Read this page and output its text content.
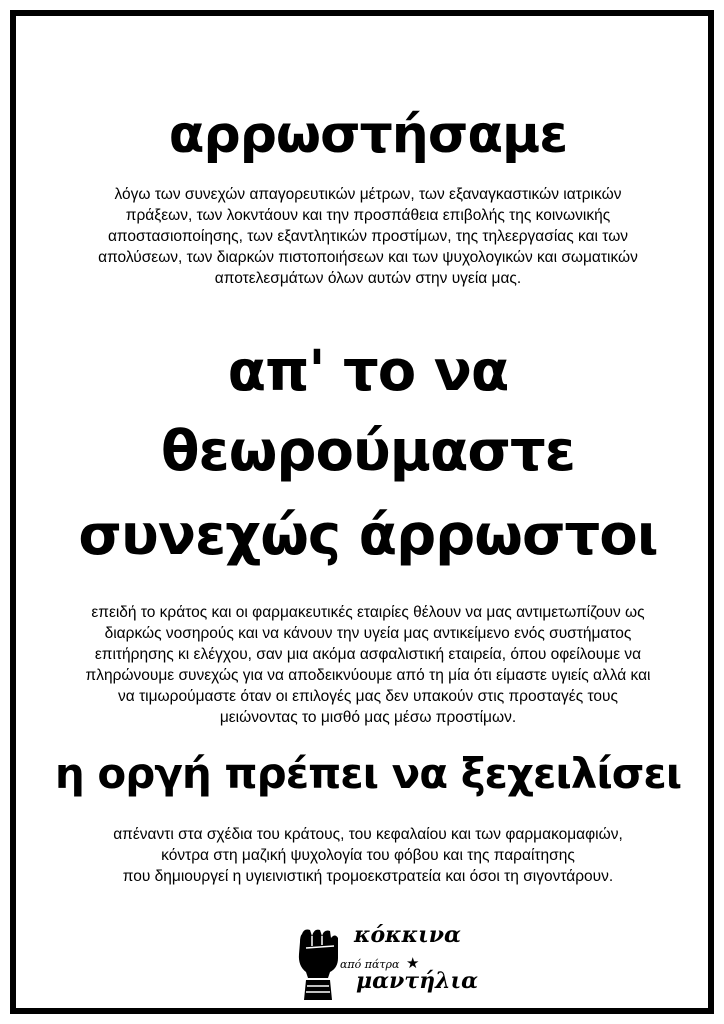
αρρωστήσαμε
λόγω των συνεχών απαγορευτικών μέτρων, των εξαναγκαστικών ιατρικών
πράξεων, των λοκντάουν και την προσπάθεια επιβολής της κοινωνικής
αποστασιοποίησης, των εξαντλητικών προστίμων, της τηλεεργασίας και των
απολύσεων, των διαρκών πιστοποιήσεων και των ψυχολογικών και σωματικών
αποτελεσμάτων όλων αυτών στην υγεία μας.
απ' το να
θεωρούμαστε
συνεχώς άρρωστοι
επειδή το κράτος και οι φαρμακευτικές εταιρίες θέλουν να μας αντιμετωπίζουν ως
διαρκώς νοσηρούς και να κάνουν την υγεία μας αντικείμενο ενός συστήματος
επιτήρησης κι ελέγχου, σαν μια ακόμα ασφαλιστική εταιρεία, όπου οφείλουμε να
πληρώνουμε συνεχώς για να αποδεικνύουμε από τη μία ότι είμαστε υγιείς αλλά και
να τιμωρούμαστε όταν οι επιλογές μας δεν υπακούν στις προσταγές τους
μειώνοντας το μισθό μας μέσω προστίμων.
η οργή πρέπει να ξεχειλίσει
απέναντι στα σχέδια του κράτους, του κεφαλαίου και των φαρμακομαφιών,
κόντρα στη μαζική ψυχολογία του φόβου και της παραίτησης
που δημιουργεί η υγιεινιστική τρομοεκστρατεία και όσοι τη σιγοντάρουν.
κόκκινα
από πάτρα ★
μαντήλια
